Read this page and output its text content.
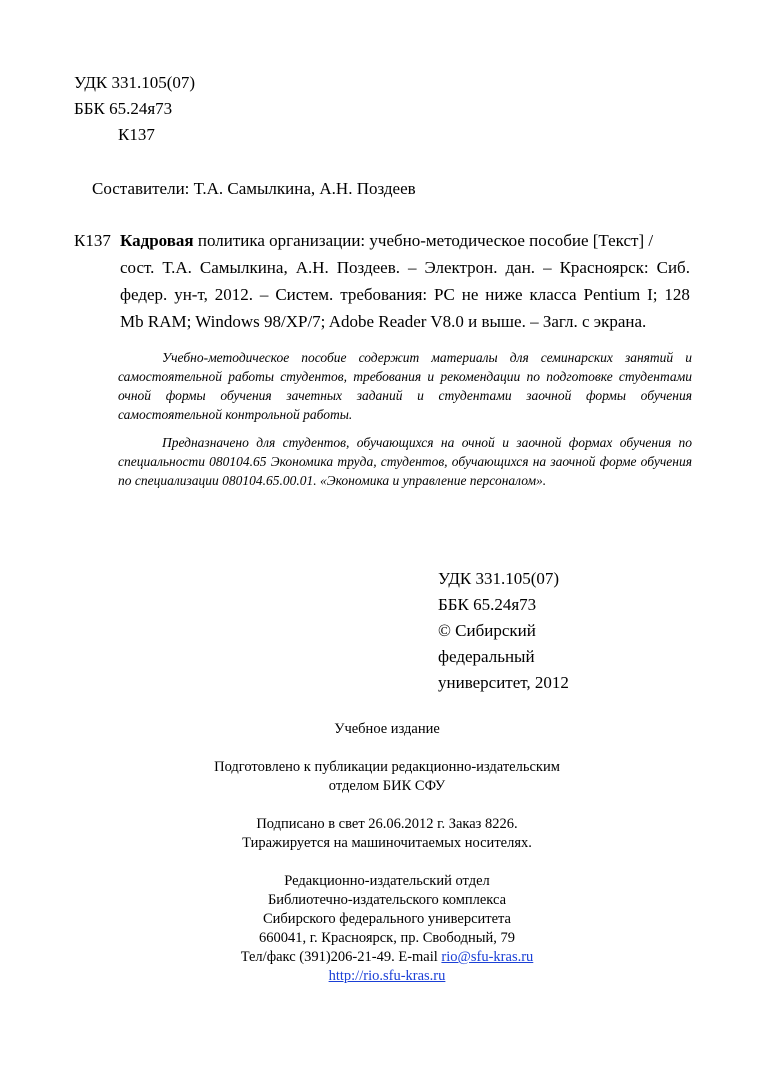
УДК 331.105(07)
ББК 65.24я73
К137
Составители: Т.А. Самылкина, А.Н. Поздеев
К137 Кадровая
политика организации: учебно-методическое пособие [Текст] /
сост. Т.А. Самылкина, А.Н. Поздеев. – Электрон. дан. – Красноярск: Сиб.
федер. ун-т, 2012. – Систем. требования: PC не ниже класса Pentium I; 128
Mb RAM; Windows 98/XP/7; Adobe Reader V8.0 и выше. – Загл. с экрана.

Учебно-методическое пособие содержит материалы для семинарских занятий и самостоятельной работы студентов, требования и рекомендации по подготовке студентами очной формы обучения зачетных заданий и студентами заочной формы обучения самостоятельной контрольной работы.

Предназначено для студентов, обучающихся на очной и заочной формах обучения по специальности 080104.65 Экономика труда, студентов, обучающихся на заочной форме обучения по специализации 080104.65.00.01. «Экономика и управление персоналом».

УДК 331.105(07)
ББК 65.24я73
© Сибирский
федеральный
университет, 2012
Учебное издание
Подготовлено к публикации редакционно-издательским
отделом БИК СФУ
Подписано в свет 26.06.2012 г. Заказ 8226.
Тиражируется на машиночитаемых носителях.
Редакционно-издательский отдел
Библиотечно-издательского комплекса
Сибирского федерального университета
660041, г. Красноярск, пр. Свободный, 79
Тел/факс (391)206-21-49. E-mail rio@sfu-kras.ru
http://rio.sfu-kras.ru
